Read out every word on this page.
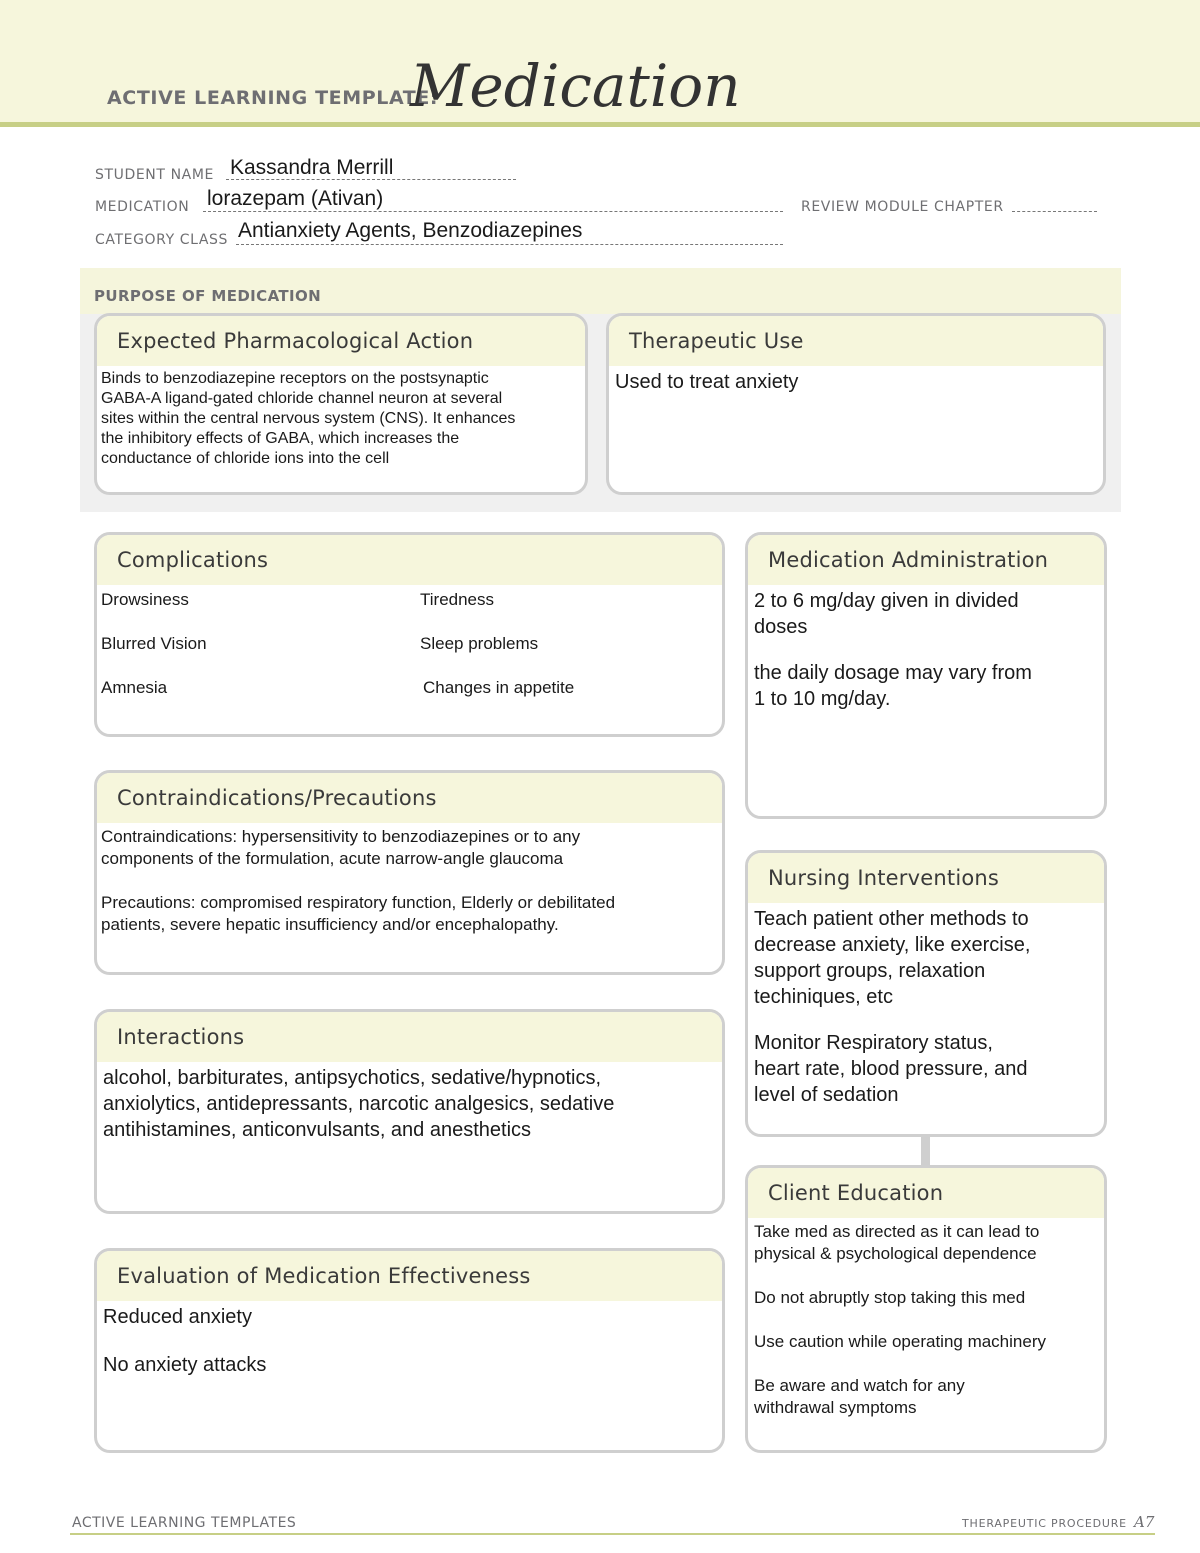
ACTIVE LEARNING TEMPLATE:
Medication
STUDENT NAME Kassandra Merrill
MEDICATION lorazepam (Ativan)	REVIEW MODULE CHAPTER
CATEGORY CLASS Antianxiety Agents, Benzodiazepines
PURPOSE OF MEDICATION
Expected Pharmacological Action
Binds to benzodiazepine receptors on the postsynaptic
GABA-A ligand-gated chloride channel neuron at several
sites within the central nervous system (CNS). It enhances
the inhibitory effects of GABA, which increases the
conductance of chloride ions into the cell
Therapeutic Use
Used to treat anxiety
Complications
Drowsiness	Tiredness
Blurred Vision	Sleep problems
Amnesia	Changes in appetite
Contraindications/Precautions
Contraindications: hypersensitivity to benzodiazepines or to any
components of the formulation, acute narrow-angle glaucoma
Precautions: compromised respiratory function, Elderly or debilitated
patients, severe hepatic insufficiency and/or encephalopathy.
Interactions
alcohol, barbiturates, antipsychotics, sedative/hypnotics,
anxiolytics, antidepressants, narcotic analgesics, sedative
antihistamines, anticonvulsants, and anesthetics
Evaluation of Medication Effectiveness
Reduced anxiety
No anxiety attacks
Medication Administration
2 to 6 mg/day given in divided
doses
the daily dosage may vary from
1 to 10 mg/day.
Nursing Interventions
Teach patient other methods to
decrease anxiety, like exercise,
support groups, relaxation
techiniques, etc
Monitor Respiratory status,
heart rate, blood pressure, and
level of sedation
Client Education
Take med as directed as it can lead to
physical & psychological dependence
Do not abruptly stop taking this med
Use caution while operating machinery
Be aware and watch for any
withdrawal symptoms
ACTIVE LEARNING TEMPLATES	THERAPEUTIC PROCEDURE A7
